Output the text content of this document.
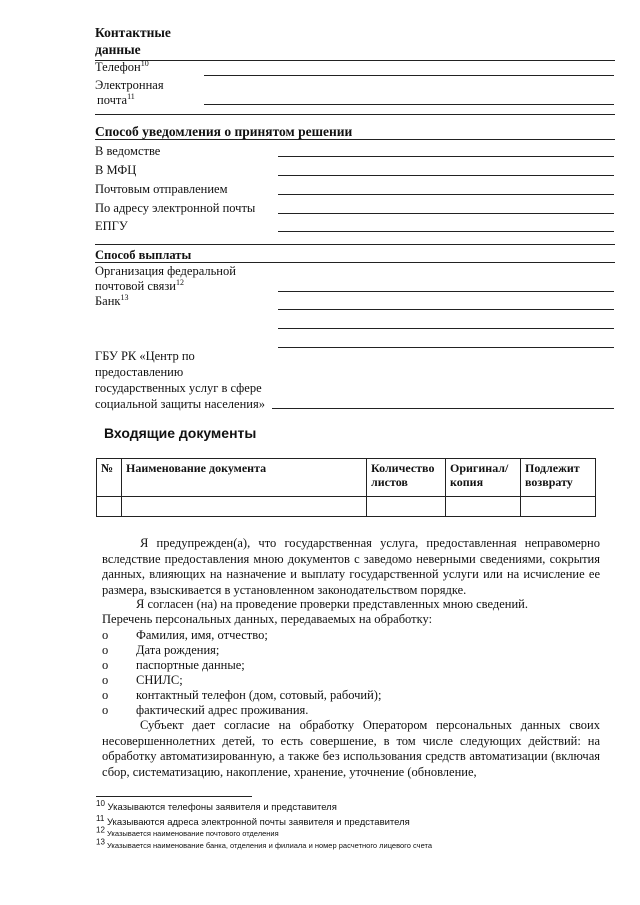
Контактные
данные
Телефон$^{10}$
Электронная
почта$^{11}$
Способ уведомления о принятом решении
В ведомстве
В МФЦ
Почтовым отправлением
По адресу электронной почты
ЕПГУ
Способ выплаты
Организация федеральной
почтовой связи$^{12}$
Банк$^{13}$
ГБУ РК «Центр по
предоставлению
государственных услуг в сфере
социальной защиты населения»
Входящие документы
№	Наименование документа	Количество листов	Оригинал/ копия	Подлежит возврату

Я предупрежден(а), что государственная услуга, предоставленная неправомерно вследствие предоставления мною документов с заведомо неверными сведениями, сокрытия данных, влияющих на назначение и выплату государственной услуги или на исчисление ее размера, взыскивается в установленном законодательством порядке.
Я согласен (на) на проведение проверки представленных мною сведений.
Перечень персональных данных, передаваемых на обработку:
o Фамилия, имя, отчество;
o Дата рождения;
o паспортные данные;
o СНИЛС;
o контактный телефон (дом, сотовый, рабочий);
o фактический адрес проживания.
Субъект дает согласие на обработку Оператором персональных данных своих несовершеннолетних детей, то есть совершение, в том числе следующих действий: на обработку автоматизированную, а также без использования средств автоматизации (включая сбор, систематизацию, накопление, хранение, уточнение (обновление,
$^{10}$ Указываются телефоны заявителя и представителя
$^{11}$ Указываются адреса электронной почты заявителя и представителя
$^{12}$ Указывается наименование почтового отделения
$^{13}$ Указывается наименование банка, отделения и филиала и номер расчетного лицевого счета
